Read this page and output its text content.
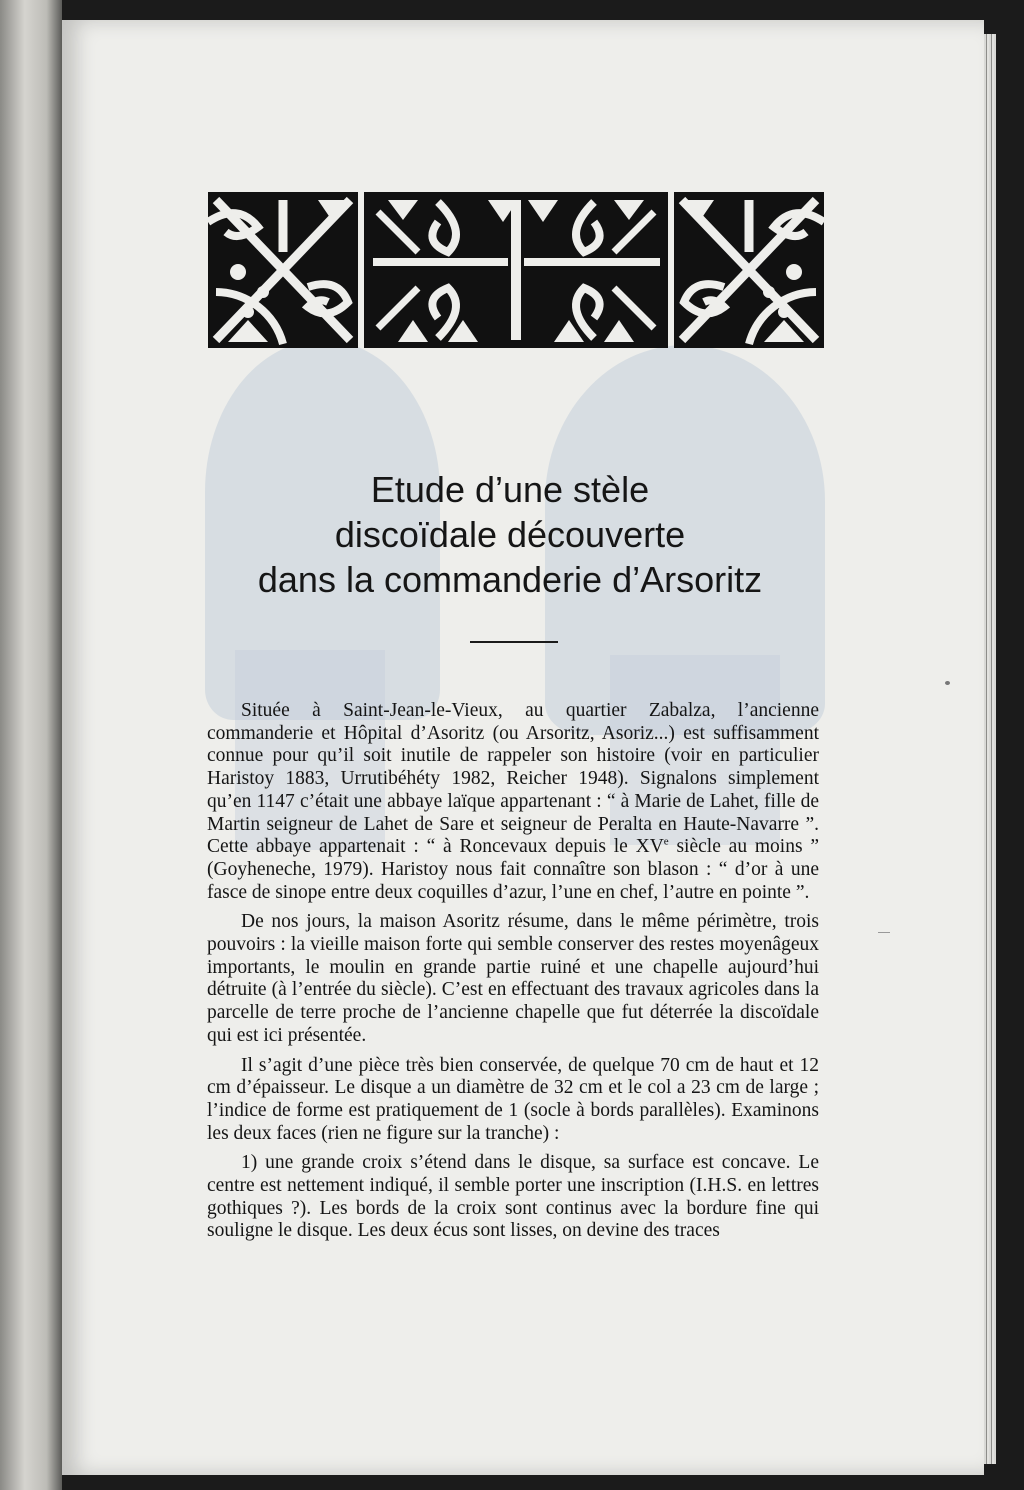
Etude d’une stèle
discoïdale découverte
dans la commanderie d’Arsoritz

Située à Saint-Jean-le-Vieux, au quartier Zabalza, l’ancienne commanderie et Hôpital d’Asoritz (ou Arsoritz, Asoriz...) est suffisamment connue pour qu’il soit inutile de rappeler son histoire (voir en particulier Haristoy 1883, Urrutibéhéty 1982, Reicher 1948). Signalons simplement qu’en 1147 c’était une abbaye laïque appartenant : “ à Marie de Lahet, fille de Martin seigneur de Lahet de Sare et seigneur de Peralta en Haute-Navarre ”. Cette abbaye appartenait : “ à Roncevaux depuis le XVe siècle au moins ” (Goyheneche, 1979). Haristoy nous fait connaître son blason : “ d’or à une fasce de sinope entre deux coquilles d’azur, l’une en chef, l’autre en pointe ”.

De nos jours, la maison Asoritz résume, dans le même périmètre, trois pouvoirs : la vieille maison forte qui semble conserver des restes moyenâgeux importants, le moulin en grande partie ruiné et une chapelle aujourd’hui détruite (à l’entrée du siècle). C’est en effectuant des travaux agricoles dans la parcelle de terre proche de l’ancienne chapelle que fut déterrée la discoïdale qui est ici présentée.

Il s’agit d’une pièce très bien conservée, de quelque 70 cm de haut et 12 cm d’épaisseur. Le disque a un diamètre de 32 cm et le col a 23 cm de large ; l’indice de forme est pratiquement de 1 (socle à bords parallèles). Examinons les deux faces (rien ne figure sur la tranche) :

1) une grande croix s’étend dans le disque, sa surface est concave. Le centre est nettement indiqué, il semble porter une inscription (I.H.S. en lettres gothiques ?). Les bords de la croix sont continus avec la bordure fine qui souligne le disque. Les deux écus sont lisses, on devine des traces
